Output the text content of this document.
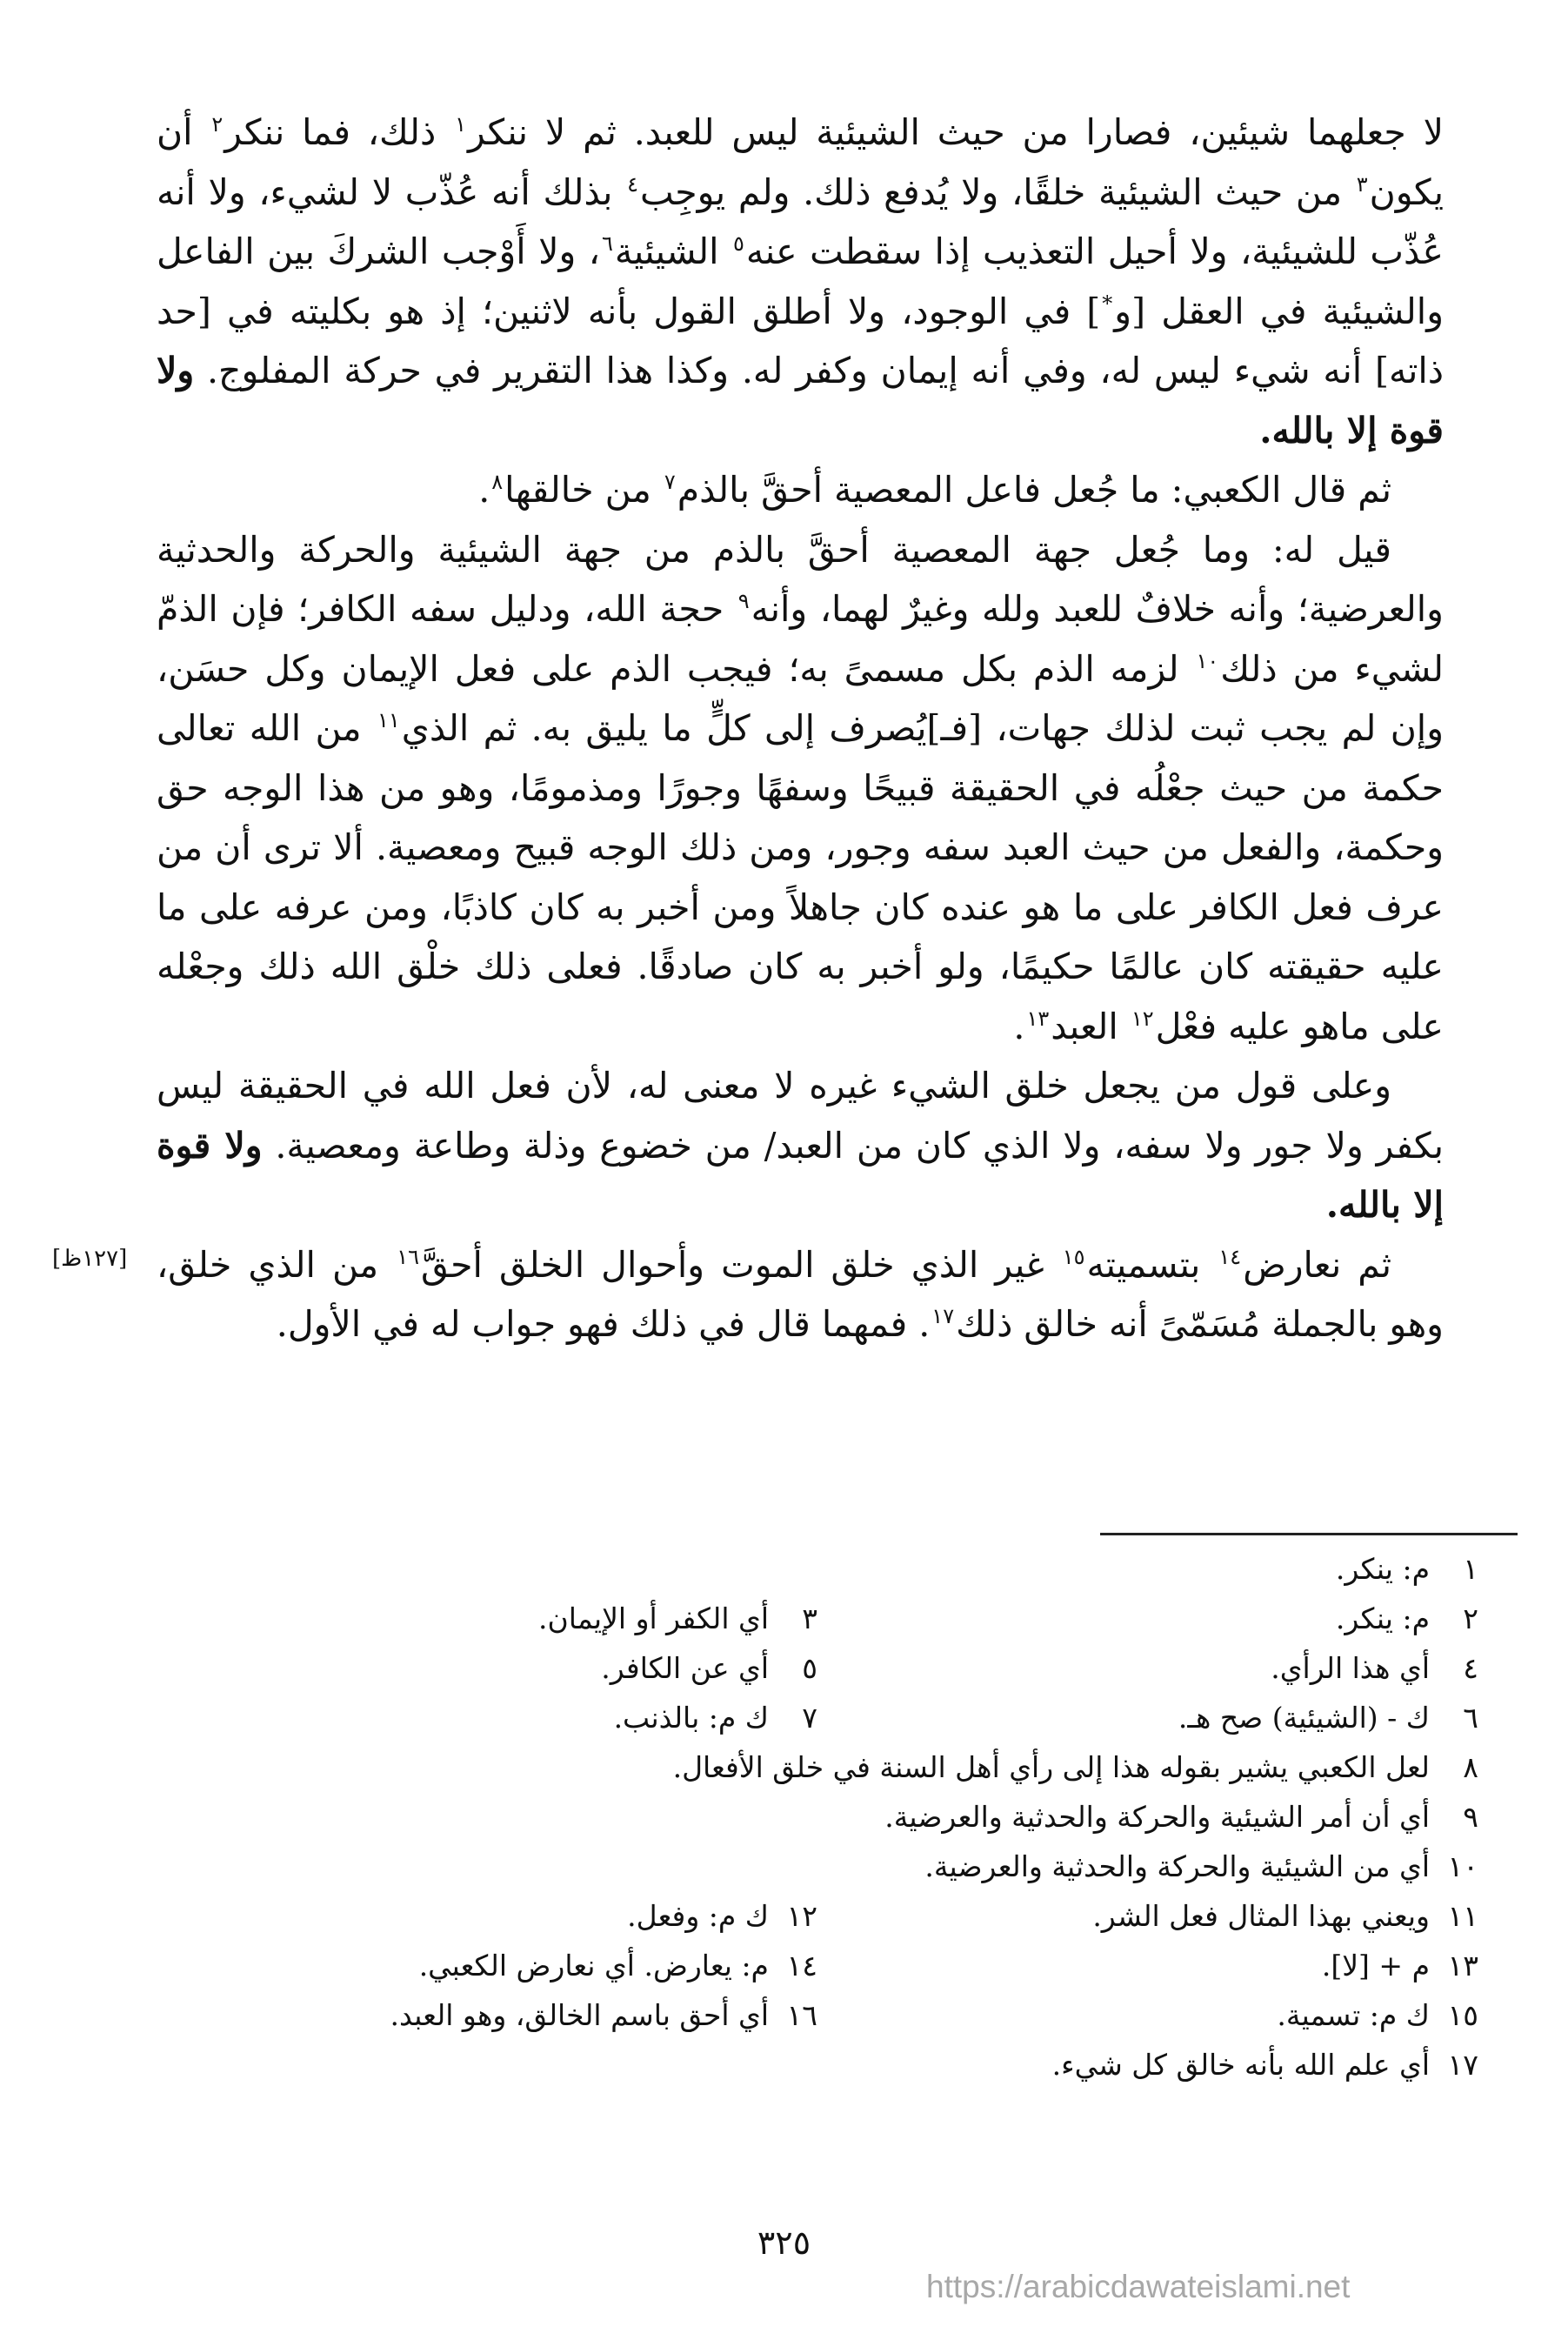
لا جعلهما شيئين، فصارا من حيث الشيئية ليس للعبد. ثم لا ننكر$^١$ ذلك، فما ننكر$^٢$ أن يكون$^٣$ من حيث الشيئية خلقًا، ولا يُدفع ذلك. ولم يوجِب$^٤$ بذلك أنه عُذّب لا لشيء، ولا أنه عُذّب للشيئية، ولا أحيل التعذيب إذا سقطت عنه$^٥$ الشيئية$^٦$، ولا أَوْجب الشركَ بين الفاعل والشيئية في العقل [و*] في الوجود، ولا أطلق القول بأنه لاثنين؛ إذ هو بكليته في [حد ذاته] أنه شيء ليس له، وفي أنه إيمان وكفر له. وكذا هذا التقرير في حركة المفلوج. ولا قوة إلا بالله.

ثم قال الكعبي: ما جُعل فاعل المعصية أحقَّ بالذم$^٧$ من خالقها$^٨$.

قيل له: وما جُعل جهة المعصية أحقَّ بالذم من جهة الشيئية والحركة والحدثية والعرضية؛ وأنه خلافٌ للعبد ولله وغيرٌ لهما، وأنه$^٩$ حجة الله، ودليل سفه الكافر؛ فإن الذمّ لشيء من ذلك$^{١٠}$ لزمه الذم بكل مسمىً به؛ فيجب الذم على فعل الإيمان وكل حسَن، وإن لم يجب ثبت لذلك جهات، [فـ]يُصرف إلى كلٍّ ما يليق به. ثم الذي$^{١١}$ من الله تعالى حكمة من حيث جعْلُه في الحقيقة قبيحًا وسفهًا وجورًا ومذمومًا، وهو من هذا الوجه حق وحكمة، والفعل من حيث العبد سفه وجور، ومن ذلك الوجه قبيح ومعصية. ألا ترى أن من عرف فعل الكافر على ما هو عنده كان جاهلاً ومن أخبر به كان كاذبًا، ومن عرفه على ما عليه حقيقته كان عالمًا حكيمًا، ولو أخبر به كان صادقًا. فعلى ذلك خلْق الله ذلك وجعْله على ماهو عليه فعْل$^{١٢}$ العبد$^{١٣}$.

وعلى قول من يجعل خلق الشيء غيره لا معنى له، لأن فعل الله في الحقيقة ليس بكفر ولا جور ولا سفه، ولا الذي كان من العبد/ من خضوع وذلة وطاعة ومعصية. ولا قوة إلا بالله.

ثم نعارض$^{١٤}$ بتسميته$^{١٥}$ غير الذي خلق الموت وأحوال الخلق أحقَّ$^{١٦}$ من الذي خلق، وهو بالجملة مُسَمّىً أنه خالق ذلك$^{١٧}$. فمهما قال في ذلك فهو جواب له في الأول.

[١٢٧ظ]
١
م: ينكر.
٢
م: ينكر.
٣
أي الكفر أو الإيمان.
٤
أي هذا الرأي.
٥
أي عن الكافر.
٦
ك - (الشيئية) صح هـ.
٧
ك م: بالذنب.
٨
لعل الكعبي يشير بقوله هذا إلى رأي أهل السنة في خلق الأفعال.
٩
أي أن أمر الشيئية والحركة والحدثية والعرضية.
١٠
أي من الشيئية والحركة والحدثية والعرضية.
١١
ويعني بهذا المثال فعل الشر.
١٢
ك م: وفعل.
١٣
م + [لا].
١٤
م: يعارض. أي نعارض الكعبي.
١٥
ك م: تسمية.
١٦
أي أحق باسم الخالق، وهو العبد.
١٧
أي علم الله بأنه خالق كل شيء.
٣٢٥
https://arabicdawateislami.net
